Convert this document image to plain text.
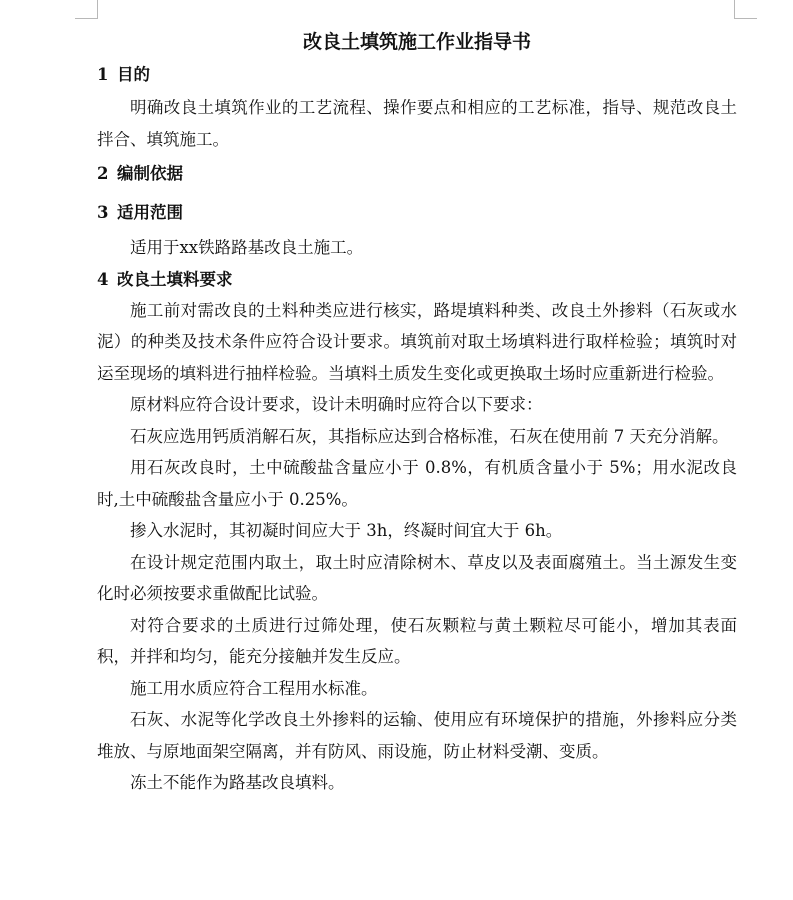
改良土填筑施工作业指导书
1 目的

明确改良土填筑作业的工艺流程、操作要点和相应的工艺标准，指导、规范改良土拌合、填筑施工。

2 编制依据
3 适用范围

适用于xx铁路路基改良土施工。

4 改良土填料要求

施工前对需改良的土料种类应进行核实，路堤填料种类、改良土外掺料（石灰或水泥）的种类及技术条件应符合设计要求。填筑前对取土场填料进行取样检验；填筑时对运至现场的填料进行抽样检验。当填料土质发生变化或更换取土场时应重新进行检验。

原材料应符合设计要求，设计未明确时应符合以下要求：

石灰应选用钙质消解石灰，其指标应达到合格标准，石灰在使用前 7 天充分消解。

用石灰改良时，土中硫酸盐含量应小于 0.8%，有机质含量小于 5%；用水泥改良时,土中硫酸盐含量应小于 0.25%。

掺入水泥时，其初凝时间应大于 3h，终凝时间宜大于 6h。

在设计规定范围内取土，取土时应清除树木、草皮以及表面腐殖土。当土源发生变化时必须按要求重做配比试验。

对符合要求的土质进行过筛处理，使石灰颗粒与黄土颗粒尽可能小，增加其表面积，并拌和均匀，能充分接触并发生反应。

施工用水质应符合工程用水标准。

石灰、水泥等化学改良土外掺料的运输、使用应有环境保护的措施，外掺料应分类堆放、与原地面架空隔离，并有防风、雨设施，防止材料受潮、变质。

冻土不能作为路基改良填料。
